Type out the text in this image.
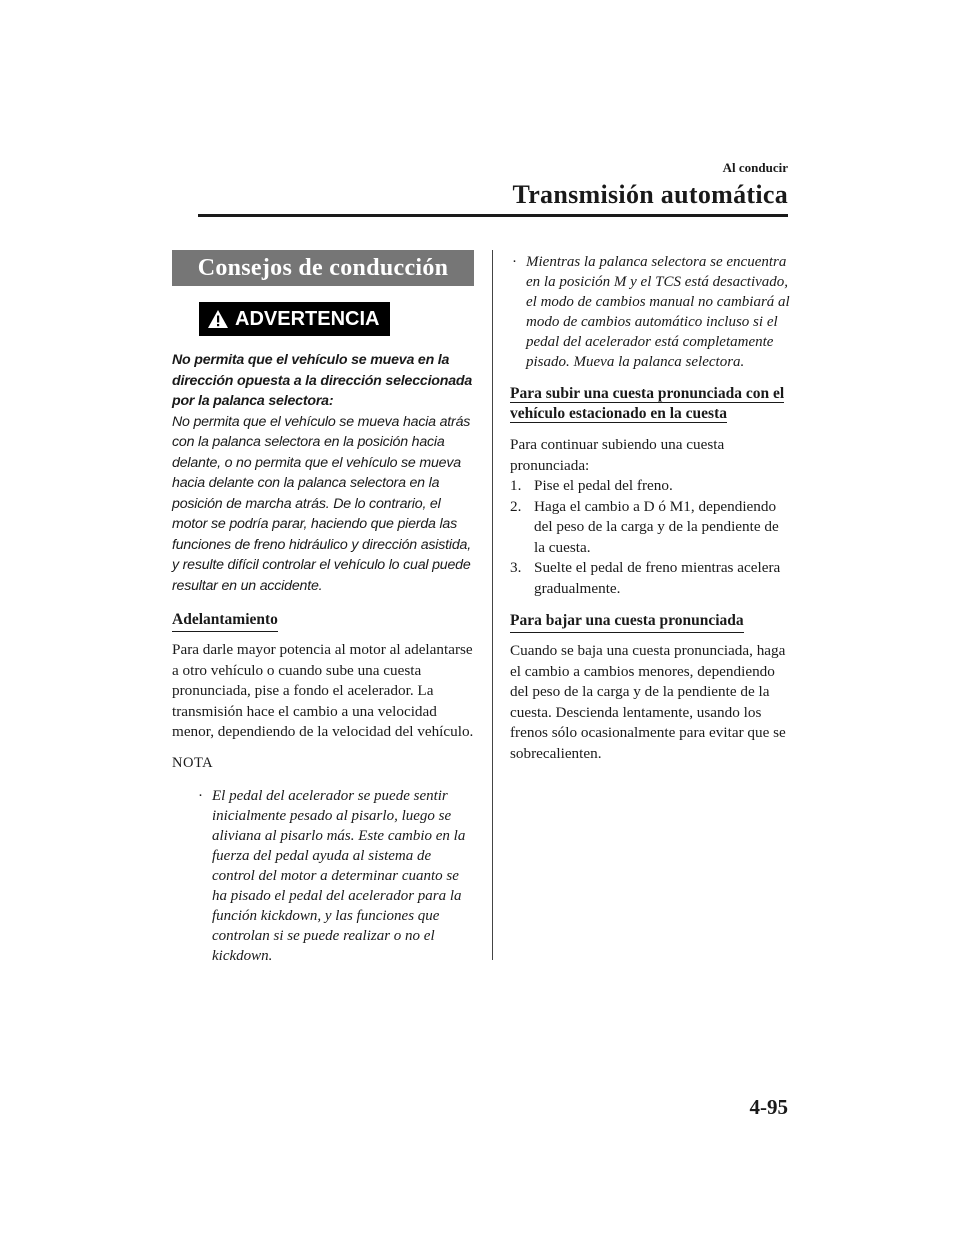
Al conducir
Transmisión automática
Consejos de conducción
ADVERTENCIA
No permita que el vehículo se mueva en la dirección opuesta a la dirección seleccionada por la palanca selectora:
No permita que el vehículo se mueva hacia atrás con la palanca selectora en la posición hacia delante, o no permita que el vehículo se mueva hacia delante con la palanca selectora en la posición de marcha atrás. De lo contrario, el motor se podría parar, haciendo que pierda las funciones de freno hidráulico y dirección asistida, y resulte difícil controlar el vehículo lo cual puede resultar en un accidente.
Adelantamiento
Para darle mayor potencia al motor al adelantarse a otro vehículo o cuando sube una cuesta pronunciada, pise a fondo el acelerador. La transmisión hace el cambio a una velocidad menor, dependiendo de la velocidad del vehículo.
NOTA
· El pedal del acelerador se puede sentir inicialmente pesado al pisarlo, luego se aliviana al pisarlo más. Este cambio en la fuerza del pedal ayuda al sistema de control del motor a determinar cuanto se ha pisado el pedal del acelerador para la función kickdown, y las funciones que controlan si se puede realizar o no el kickdown.
· Mientras la palanca selectora se encuentra en la posición M y el TCS está desactivado, el modo de cambios manual no cambiará al modo de cambios automático incluso si el pedal del acelerador está completamente pisado. Mueva la palanca selectora.
Para subir una cuesta pronunciada con el vehículo estacionado en la cuesta
Para continuar subiendo una cuesta pronunciada:
1. Pise el pedal del freno.
2. Haga el cambio a D ó M1, dependiendo del peso de la carga y de la pendiente de la cuesta.
3. Suelte el pedal de freno mientras acelera gradualmente.
Para bajar una cuesta pronunciada
Cuando se baja una cuesta pronunciada, haga el cambio a cambios menores, dependiendo del peso de la carga y de la pendiente de la cuesta. Descienda lentamente, usando los frenos sólo ocasionalmente para evitar que se sobrecalienten.
4-95
